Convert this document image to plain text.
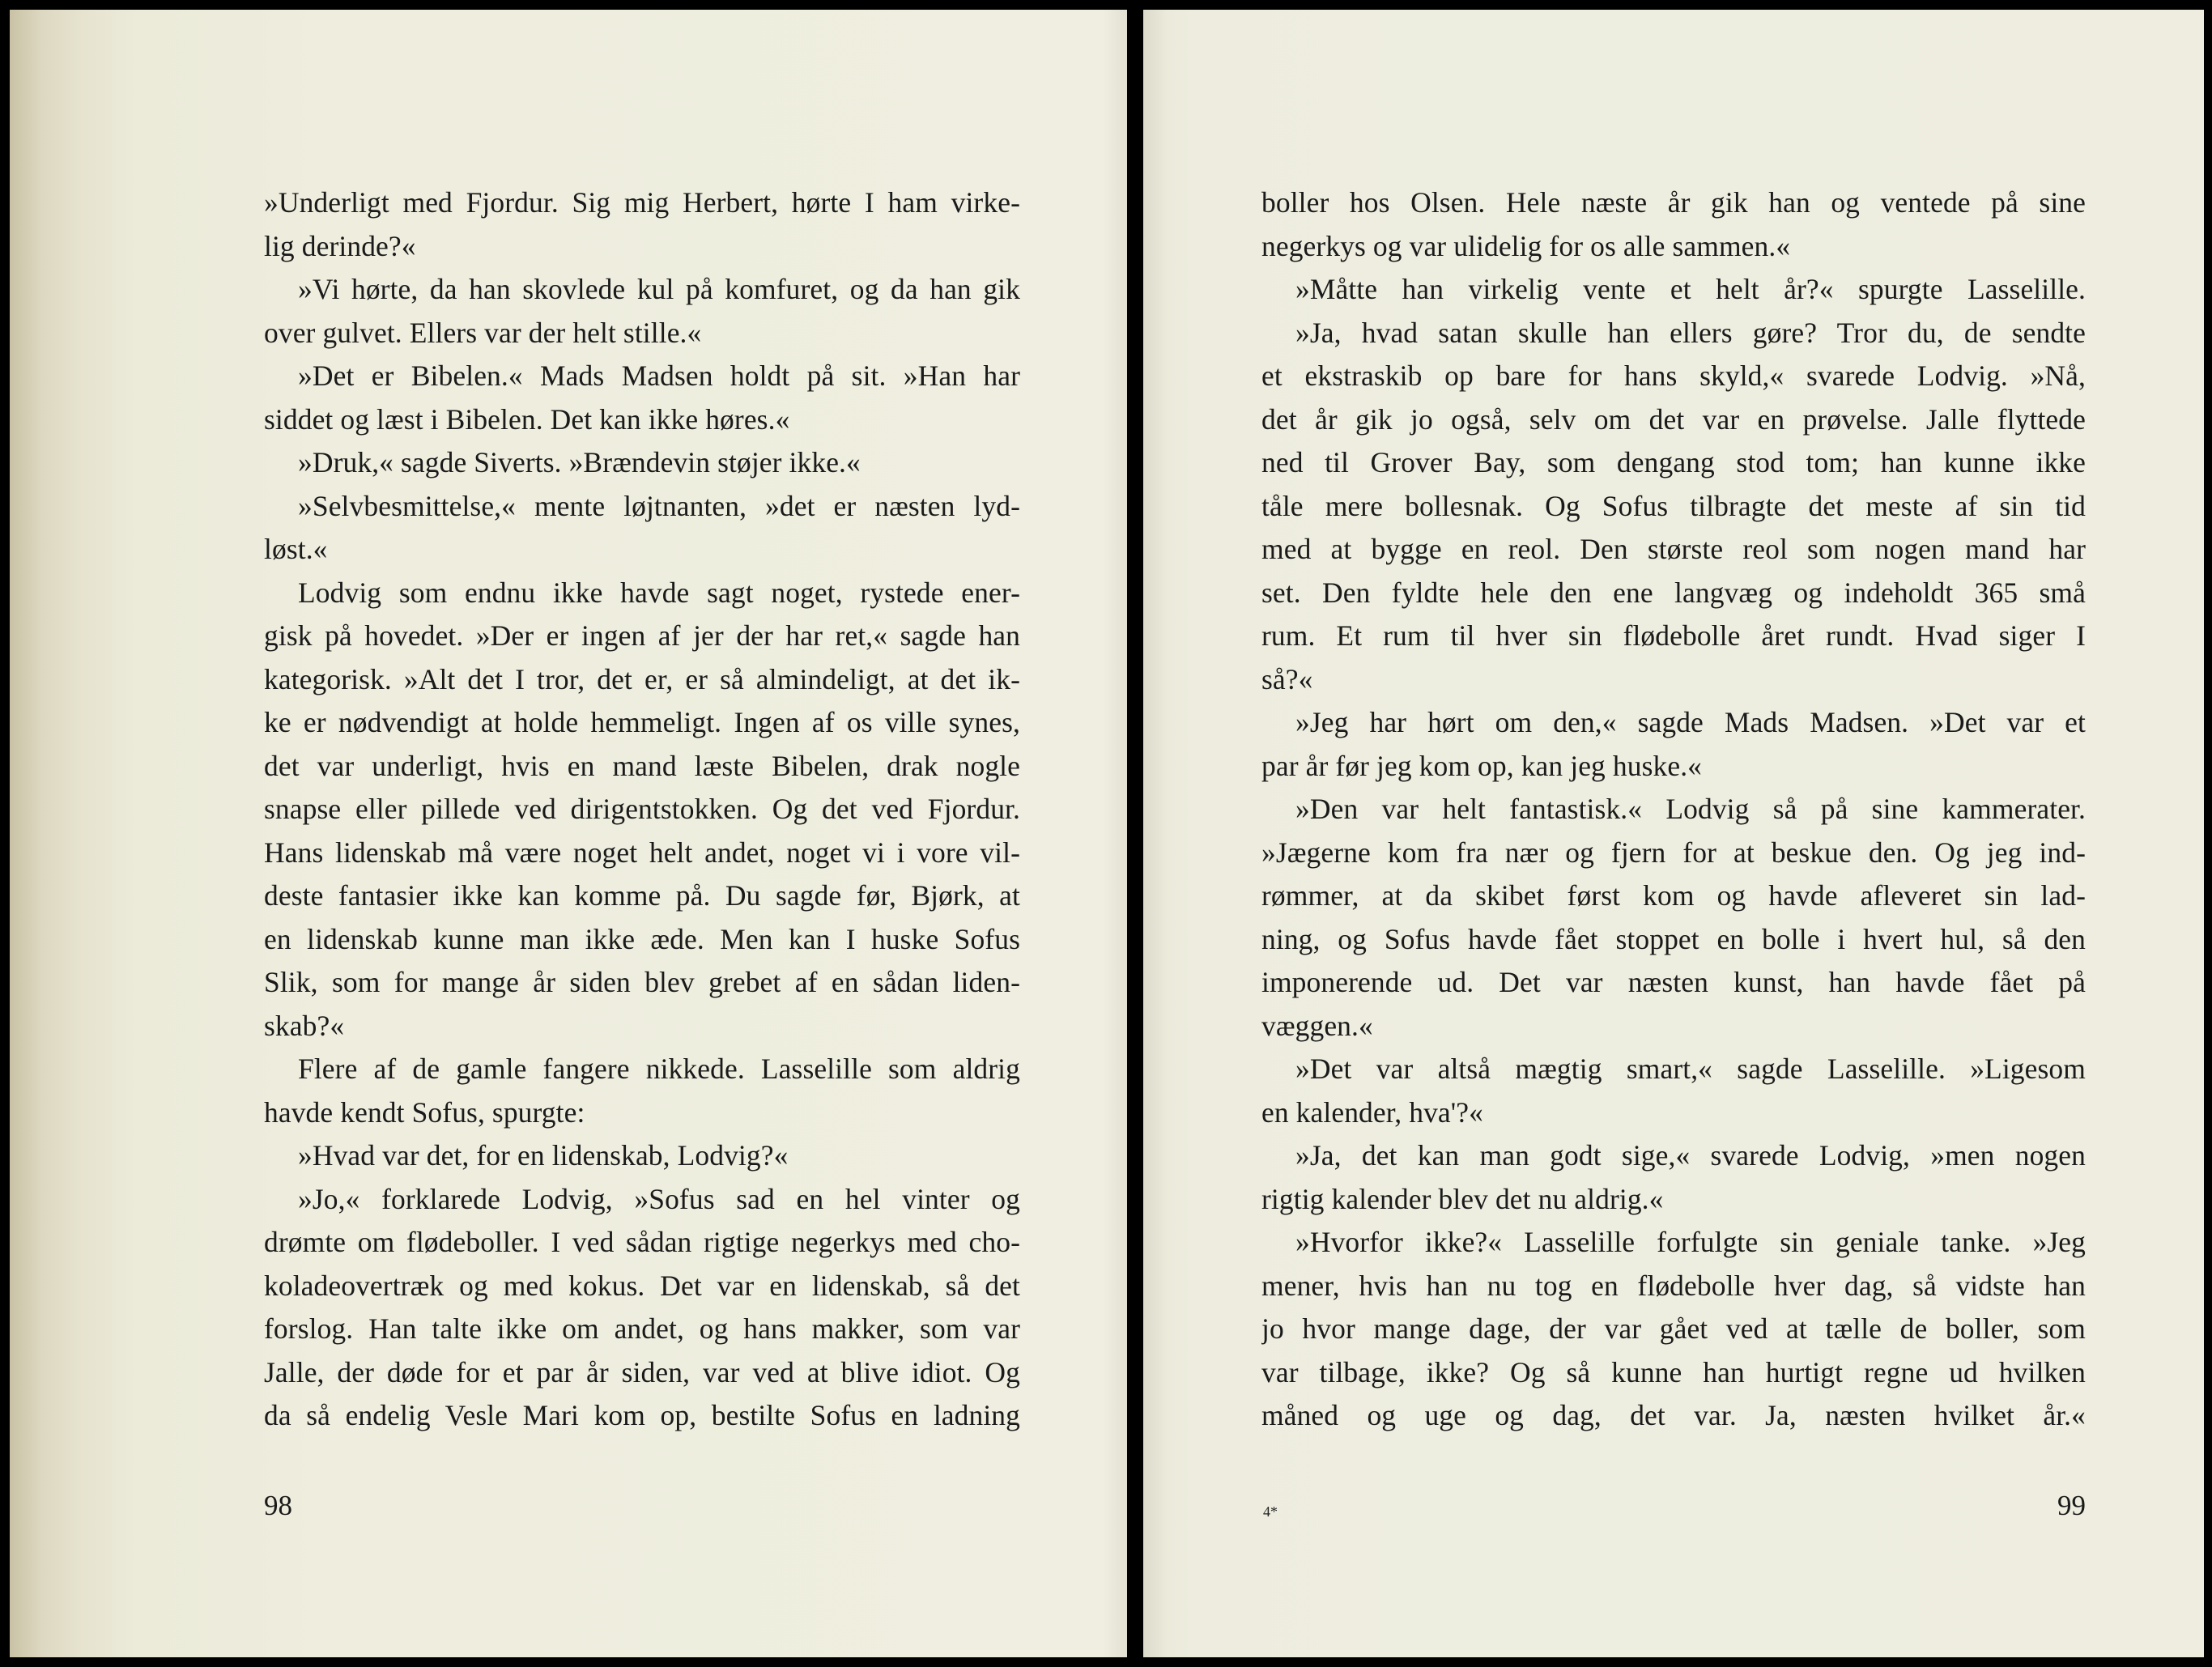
»Underligt med Fjordur. Sig mig Herbert, hørte I ham virke-
lig derinde?«
»Vi hørte, da han skovlede kul på komfuret, og da han gik
over gulvet. Ellers var der helt stille.«
»Det er Bibelen.« Mads Madsen holdt på sit. »Han har
siddet og læst i Bibelen. Det kan ikke høres.«
»Druk,« sagde Siverts. »Brændevin støjer ikke.«
»Selvbesmittelse,« mente løjtnanten, »det er næsten lyd-
løst.«
Lodvig som endnu ikke havde sagt noget, rystede ener-
gisk på hovedet. »Der er ingen af jer der har ret,« sagde han
kategorisk. »Alt det I tror, det er, er så almindeligt, at det ik-
ke er nødvendigt at holde hemmeligt. Ingen af os ville synes,
det var underligt, hvis en mand læste Bibelen, drak nogle
snapse eller pillede ved dirigentstokken. Og det ved Fjordur.
Hans lidenskab må være noget helt andet, noget vi i vore vil-
deste fantasier ikke kan komme på. Du sagde før, Bjørk, at
en lidenskab kunne man ikke æde. Men kan I huske Sofus
Slik, som for mange år siden blev grebet af en sådan liden-
skab?«
Flere af de gamle fangere nikkede. Lasselille som aldrig
havde kendt Sofus, spurgte:
»Hvad var det, for en lidenskab, Lodvig?«
»Jo,« forklarede Lodvig, »Sofus sad en hel vinter og
drømte om flødeboller. I ved sådan rigtige negerkys med cho-
koladeovertræk og med kokus. Det var en lidenskab, så det
forslog. Han talte ikke om andet, og hans makker, som var
Jalle, der døde for et par år siden, var ved at blive idiot. Og
da så endelig Vesle Mari kom op, bestilte Sofus en ladning
98
boller hos Olsen. Hele næste år gik han og ventede på sine
negerkys og var ulidelig for os alle sammen.«
»Måtte han virkelig vente et helt år?« spurgte Lasselille.
»Ja, hvad satan skulle han ellers gøre? Tror du, de sendte
et ekstraskib op bare for hans skyld,« svarede Lodvig. »Nå,
det år gik jo også, selv om det var en prøvelse. Jalle flyttede
ned til Grover Bay, som dengang stod tom; han kunne ikke
tåle mere bollesnak. Og Sofus tilbragte det meste af sin tid
med at bygge en reol. Den største reol som nogen mand har
set. Den fyldte hele den ene langvæg og indeholdt 365 små
rum. Et rum til hver sin flødebolle året rundt. Hvad siger I
så?«
»Jeg har hørt om den,« sagde Mads Madsen. »Det var et
par år før jeg kom op, kan jeg huske.«
»Den var helt fantastisk.« Lodvig så på sine kammerater.
»Jægerne kom fra nær og fjern for at beskue den. Og jeg ind-
rømmer, at da skibet først kom og havde afleveret sin lad-
ning, og Sofus havde fået stoppet en bolle i hvert hul, så den
imponerende ud. Det var næsten kunst, han havde fået på
væggen.«
»Det var altså mægtig smart,« sagde Lasselille. »Ligesom
en kalender, hva'?«
»Ja, det kan man godt sige,« svarede Lodvig, »men nogen
rigtig kalender blev det nu aldrig.«
»Hvorfor ikke?« Lasselille forfulgte sin geniale tanke. »Jeg
mener, hvis han nu tog en flødebolle hver dag, så vidste han
jo hvor mange dage, der var gået ved at tælle de boller, som
var tilbage, ikke? Og så kunne han hurtigt regne ud hvilken
måned og uge og dag, det var. Ja, næsten hvilket år.«
4*	99
